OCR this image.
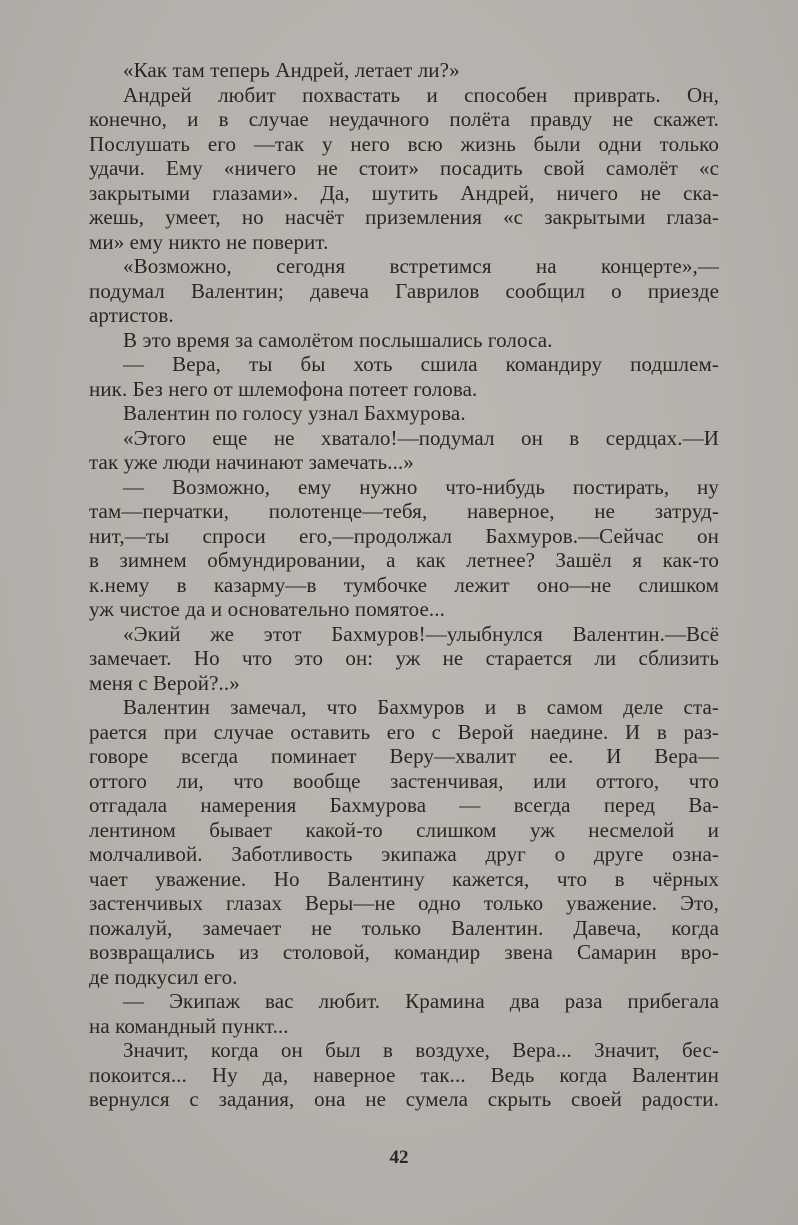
«Как там теперь Андрей, летает ли?»
Андрей любит похвастать и способен приврать. Он,
конечно, и в случае неудачного полёта правду не скажет.
Послушать его —так у него всю жизнь были одни только
удачи. Ему «ничего не стоит» посадить свой самолёт «с
закрытыми глазами». Да, шутить Андрей, ничего не ска-
жешь, умеет, но насчёт приземления «с закрытыми глаза-
ми» ему никто не поверит.
«Возможно, сегодня встретимся на концерте»,—
подумал Валентин; давеча Гаврилов сообщил о приезде
артистов.
В это время за самолётом послышались голоса.
— Вера, ты бы хоть сшила командиру подшлем-
ник. Без него от шлемофона потеет голова.
Валентин по голосу узнал Бахмурова.
«Этого еще не хватало!—подумал он в сердцах.—И
так уже люди начинают замечать...»
— Возможно, ему нужно что-нибудь постирать, ну
там—перчатки, полотенце—тебя, наверное, не затруд-
нит,—ты спроси его,—продолжал Бахмуров.—Сейчас он
в зимнем обмундировании, а как летнее? Зашёл я как-то
к.нему в казарму—в тумбочке лежит оно—не слишком
уж чистое да и основательно помятое...
«Экий же этот Бахмуров!—улыбнулся Валентин.—Всё
замечает. Но что это он: уж не старается ли сблизить
меня с Верой?..»
Валентин замечал, что Бахмуров и в самом деле ста-
рается при случае оставить его с Верой наедине. И в раз-
говоре всегда поминает Веру—хвалит ее. И Вера—
оттого ли, что вообще застенчивая, или оттого, что
отгадала намерения Бахмурова — всегда перед Ва-
лентином бывает какой-то слишком уж несмелой и
молчаливой. Заботливость экипажа друг о друге озна-
чает уважение. Но Валентину кажется, что в чёрных
застенчивых глазах Веры—не одно только уважение. Это,
пожалуй, замечает не только Валентин. Давеча, когда
возвращались из столовой, командир звена Самарин вро-
де подкусил его.
— Экипаж вас любит. Крамина два раза прибегала
на командный пункт...
Значит, когда он был в воздухе, Вера... Значит, бес-
покоится... Ну да, наверное так... Ведь когда Валентин
вернулся с задания, она не сумела скрыть своей радости.
42
